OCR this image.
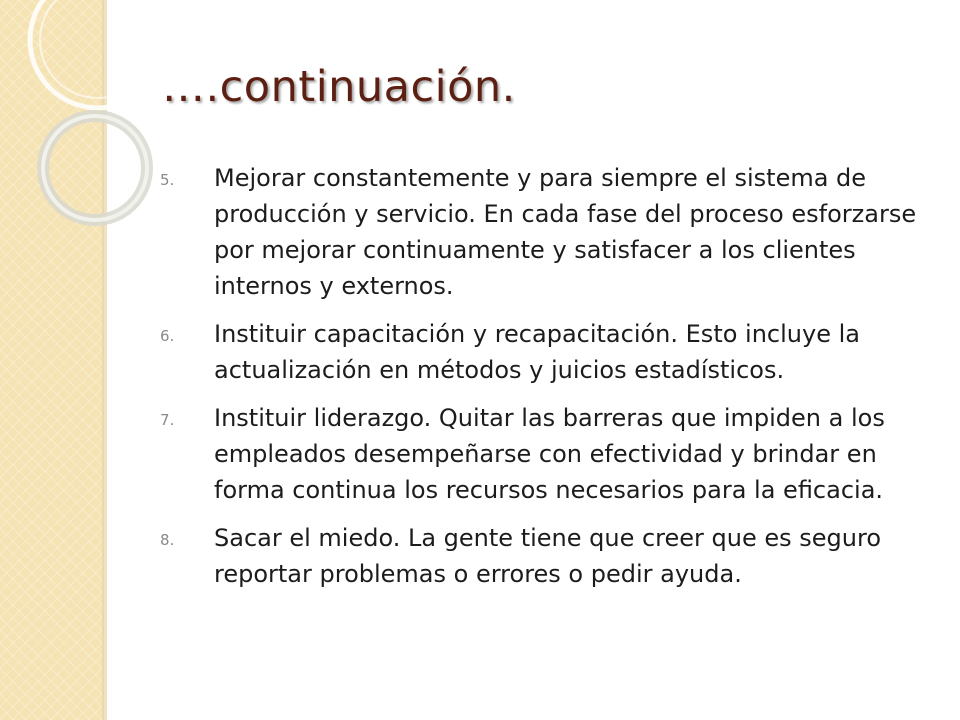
….continuación.
5.	Mejorar constantemente y para siempre el sistema de producción y servicio. En cada fase del proceso esforzarse por mejorar continuamente y satisfacer a los clientes internos y externos.
6.	Instituir capacitación y recapacitación. Esto incluye la actualización en métodos y juicios estadísticos.
7.	Instituir liderazgo. Quitar las barreras que impiden a los empleados desempeñarse con efectividad y brindar en forma continua los recursos necesarios para la eficacia.
8.	Sacar el miedo. La gente tiene que creer que es seguro reportar problemas o errores o pedir ayuda.
